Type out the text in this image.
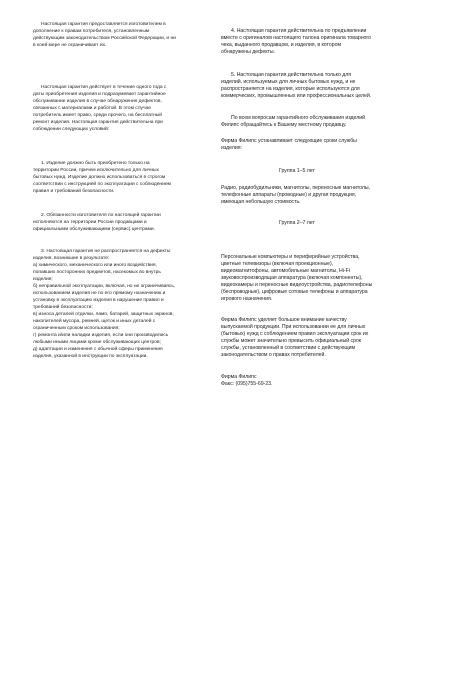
Настоящая гарантия предоставляется изготовителем в
дополнение к правам потребителя, установленным
действующим законодательством Российской Федерации, и ни
в коей мере не ограничивает их.
Настоящая гарантия действует в течение одного года с
даты приобретения изделия и подразумевает гарантийное
обслуживание изделия в случае обнаружения дефектов,
связанных с материалами и работой. В этом случае
потребитель имеет право, среди прочего, на бесплатный
ремонт изделия. Настоящая гарантия действительна при
соблюдении следующих условий:
1. Изделие должно быть приобретено только на
территории России, причем исключительно для личных
бытовых нужд. Изделие должно использоваться в строгом
соответствии с инструкцией по эксплуатации с соблюдением
правил и требований безопасности.
2. Обязанности изготовителя по настоящей гарантии
исполняются на территории России продавцами и
официальными обслуживающими (сервис) центрами.
3. Настоящая гарантия не распространяется на дефекты
изделия, возникшие в результате:
а) химического, механического или иного воздействия,
попавших посторонних предметов, насекомых во внутрь
изделия;
б) неправильной эксплуатации, включая, но не ограничиваясь,
использованием изделия не по его прямому назначению и
установку в эксплуатацию изделия в нарушение правил и
требований безопасности;
в) износа деталей отделки, ламп, батарей, защитных экранов,
накопителей мусора, ремней, щеток и иных деталей с
ограниченным сроком использования;
г) ремонта и/или наладки изделия, если они производились
любыми иными лицами кроме обслуживающих центров;
д) адаптации и изменения с обычной сферы применения
изделия, указанной в инструкции по эксплуатации.
4. Настоящая гарантия действительна по предъявлении
вместе с оригиналом настоящего талона оригинала товарного
чека, выданного продавцом, и изделия, в котором
обнаружены дефекты.
5. Настоящая гарантия действительна только для
изделий, используемых для личных бытовых нужд, и не
распространяется на изделия, которые используются для
коммерческих, промышленных или профессиональных целей.
По всем вопросам гарантийного обслуживания изделий
Филипс обращайтесь к Вашему местному продавцу.
Фирма Филипс устанавливает следующие сроки службы
изделия:
Группа 1–5 лет
Радио, радиобудильники, магнитолы, переносные магнитолы,
телефонные аппараты (проводные) и другая продукция,
имеющая небольшую стоимость.
Группа 2–7 лет
Персональные компьютеры и периферийные устройства,
цветные телевизоры (включая проекционные),
видеомагнитофоны, автомобильные магнитолы, Hi-Fi
звуковоспроизводящая аппаратура (включая компоненты),
видеокамеры и переносные видеоустройства, радиотелефоны
(беспроводные), цифровые сотовые телефоны и аппаратура
игрового назначения.
Фирма Филипс уделяет большое внимание качеству
выпускаемой продукции. При использовании ее для личных
(бытовых) нужд с соблюдением правил эксплуатации срок их
службы может значительно превысить официальный срок
службы, установленный в соответствии с действующим
законодательством о правах потребителей.
Фирма Филипс
Факс: (095)755-69-23.
